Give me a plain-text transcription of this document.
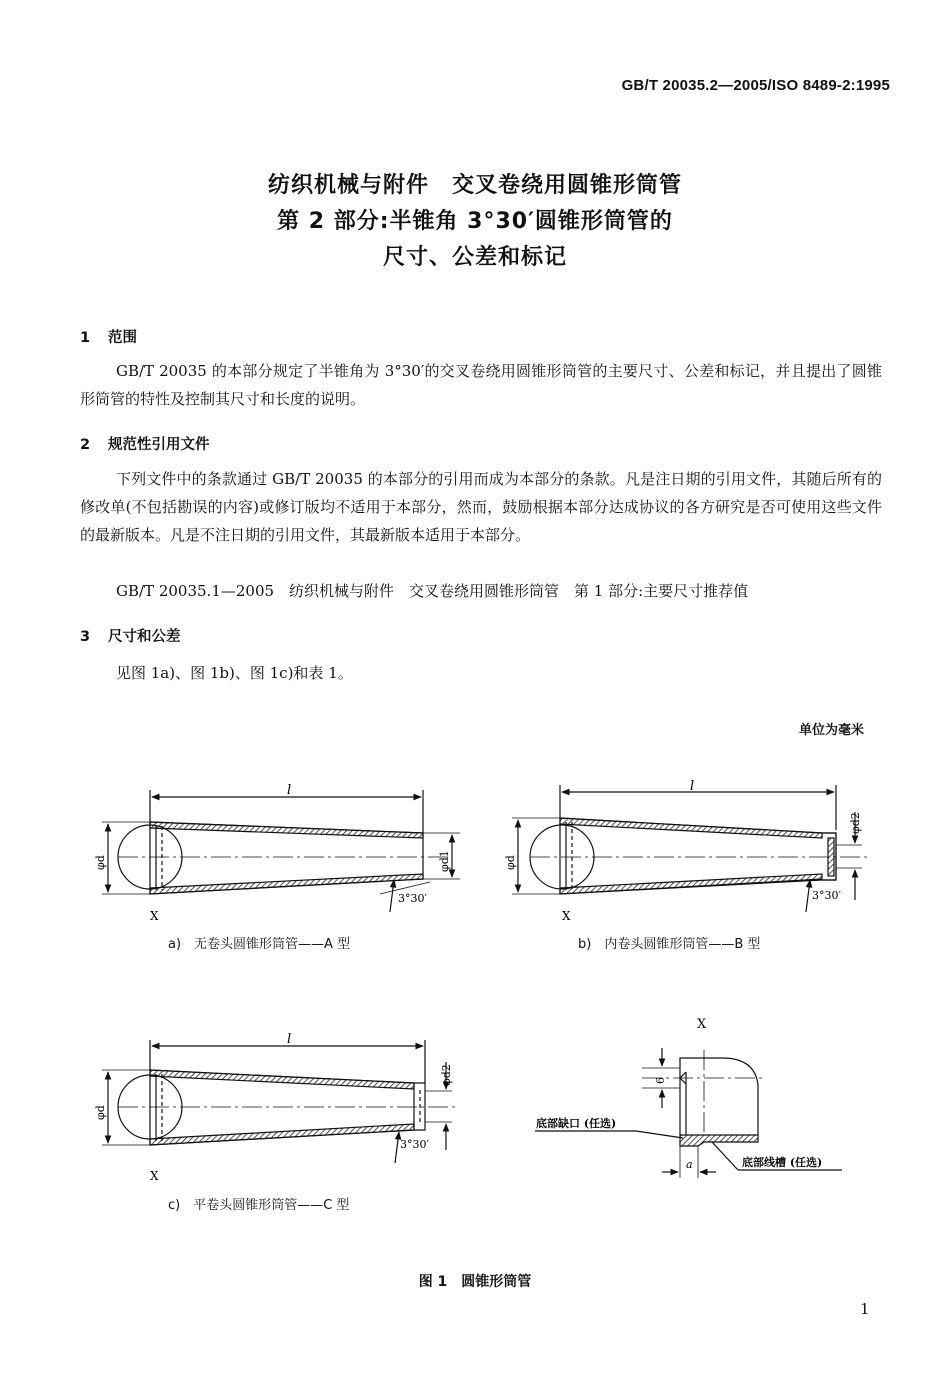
GB/T 20035.2—2005/ISO 8489-2:1995
纺织机械与附件　交叉卷绕用圆锥形筒管
第 2 部分:半锥角 3°30′圆锥形筒管的
尺寸、公差和标记
1 范围
GB/T 20035 的本部分规定了半锥角为 3°30′的交叉卷绕用圆锥形筒管的主要尺寸、公差和标记，并且提出了圆锥形筒管的特性及控制其尺寸和长度的说明。
2 规范性引用文件
下列文件中的条款通过 GB/T 20035 的本部分的引用而成为本部分的条款。凡是注日期的引用文件，其随后所有的修改单(不包括勘误的内容)或修订版均不适用于本部分，然而，鼓励根据本部分达成协议的各方研究是否可使用这些文件的最新版本。凡是不注日期的引用文件，其最新版本适用于本部分。
GB/T 20035.1—2005　纺织机械与附件　交叉卷绕用圆锥形筒管　第 1 部分:主要尺寸推荐值
3 尺寸和公差
见图 1a)、图 1b)、图 1c)和表 1。
单位为毫米
l
φd	φd1
3°30′
X
l
φd
φd2
3°30′
X
l
φd
φd2
3°30′
X
X
6
a
底部缺口 (任选)
底部线槽 (任选)
a)　无卷头圆锥形筒管——A 型	b)　内卷头圆锥形筒管——B 型
c)　平卷头圆锥形筒管——C 型
图 1　圆锥形筒管
1
